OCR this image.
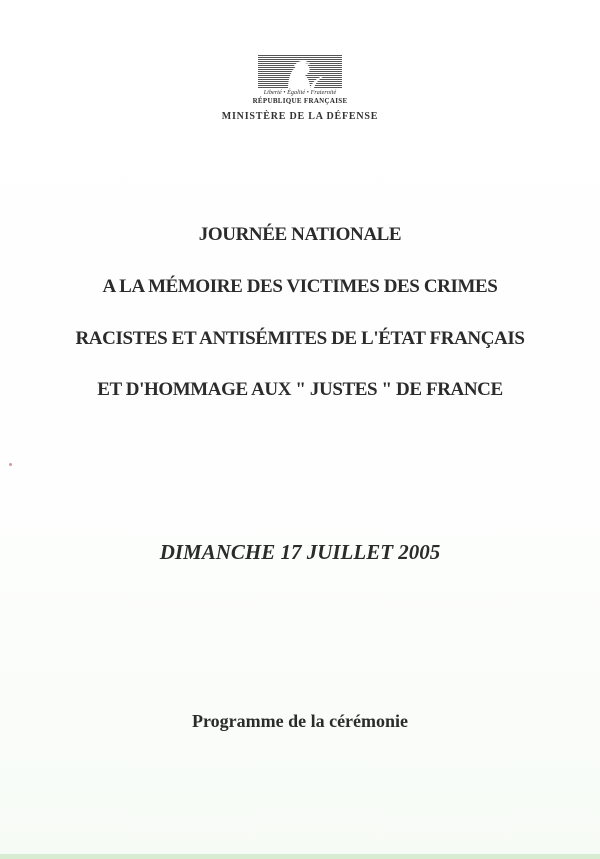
Liberté • Égalité • Fraternité
RÉPUBLIQUE FRANÇAISE
MINISTÈRE DE LA DÉFENSE
JOURNÉE NATIONALE
A LA MÉMOIRE DES VICTIMES DES CRIMES
RACISTES ET ANTISÉMITES DE L'ÉTAT FRANÇAIS
ET D'HOMMAGE AUX " JUSTES " DE FRANCE
DIMANCHE 17 JUILLET 2005
Programme de la cérémonie
